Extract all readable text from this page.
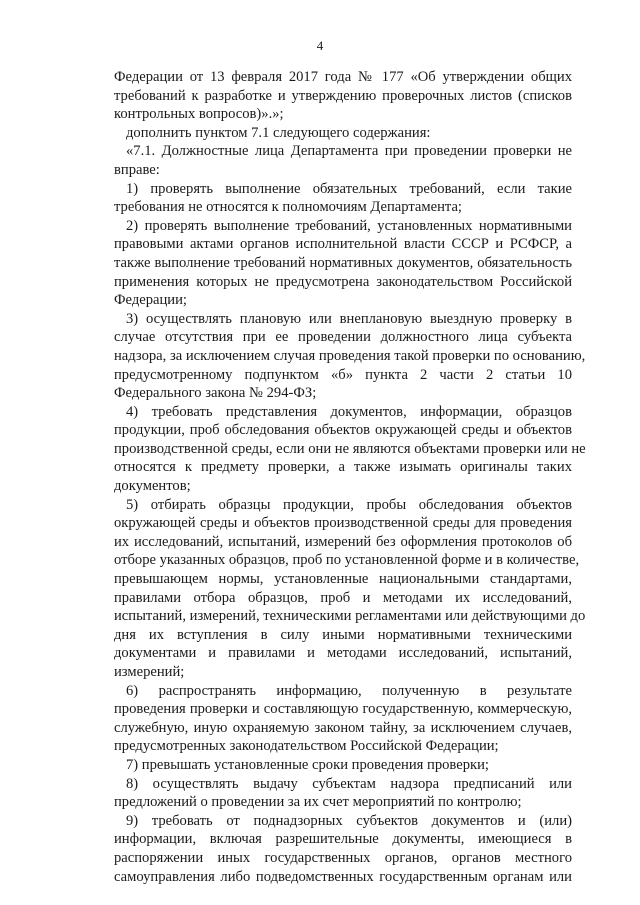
4
Федерации от 13 февраля 2017 года № 177 «Об утверждении общих
требований к разработке и утверждению проверочных листов (списков
контрольных вопросов)».»;
дополнить пунктом 7.1 следующего содержания:
«7.1. Должностные лица Департамента при проведении проверки не
вправе:
1) проверять выполнение обязательных требований, если такие
требования не относятся к полномочиям Департамента;
2) проверять выполнение требований, установленных нормативными
правовыми актами органов исполнительной власти СССР и РСФСР, а
также выполнение требований нормативных документов, обязательность
применения которых не предусмотрена законодательством Российской
Федерации;
3) осуществлять плановую или внеплановую выездную проверку в
случае отсутствия при ее проведении должностного лица субъекта
надзора, за исключением случая проведения такой проверки по основанию,
предусмотренному подпунктом «б» пункта 2 части 2 статьи 10
Федерального закона № 294-ФЗ;
4) требовать представления документов, информации, образцов
продукции, проб обследования объектов окружающей среды и объектов
производственной среды, если они не являются объектами проверки или не
относятся к предмету проверки, а также изымать оригиналы таких
документов;
5) отбирать образцы продукции, пробы обследования объектов
окружающей среды и объектов производственной среды для проведения
их исследований, испытаний, измерений без оформления протоколов об
отборе указанных образцов, проб по установленной форме и в количестве,
превышающем нормы, установленные национальными стандартами,
правилами отбора образцов, проб и методами их исследований,
испытаний, измерений, техническими регламентами или действующими до
дня их вступления в силу иными нормативными техническими
документами и правилами и методами исследований, испытаний,
измерений;
6) распространять информацию, полученную в результате
проведения проверки и составляющую государственную, коммерческую,
служебную, иную охраняемую законом тайну, за исключением случаев,
предусмотренных законодательством Российской Федерации;
7) превышать установленные сроки проведения проверки;
8) осуществлять выдачу субъектам надзора предписаний или
предложений о проведении за их счет мероприятий по контролю;
9) требовать от поднадзорных субъектов документов и (или)
информации, включая разрешительные документы, имеющиеся в
распоряжении иных государственных органов, органов местного
самоуправления либо подведомственных государственным органам или
